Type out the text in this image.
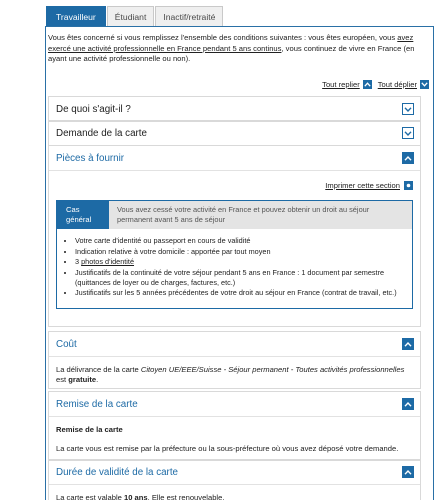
Travailleur	Étudiant	Inactif/retraité

Vous êtes concerné si vous remplissez l'ensemble des conditions suivantes : vous êtes européen, vous avez exercé une activité professionnelle en France pendant 5 ans continus, vous continuez de vivre en France (en ayant une activité professionnelle ou non).

Tout replier Tout déplier
De quoi s'agit-il ?
Demande de la carte
Pièces à fournir
Imprimer cette section
Cas général
Vous avez cessé votre activité en France et pouvez obtenir un droit au séjour permanent avant 5 ans de séjour
• Votre carte d'identité ou passeport en cours de validité
• Indication relative à votre domicile : apportée par tout moyen
• 3 photos d'identité
• Justificatifs de la continuité de votre séjour pendant 5 ans en France : 1 document par semestre (quittances de loyer ou de charges, factures, etc.)
• Justificatifs sur les 5 années précédentes de votre droit au séjour en France (contrat de travail, etc.)
Coût

La délivrance de la carte Citoyen UE/EEE/Suisse - Séjour permanent - Toutes activités professionnelles est gratuite.

Remise de la carte

Remise de la carte

La carte vous est remise par la préfecture ou la sous-préfecture où vous avez déposé votre demande.

Durée de validité de la carte

La carte est valable 10 ans. Elle est renouvelable.
